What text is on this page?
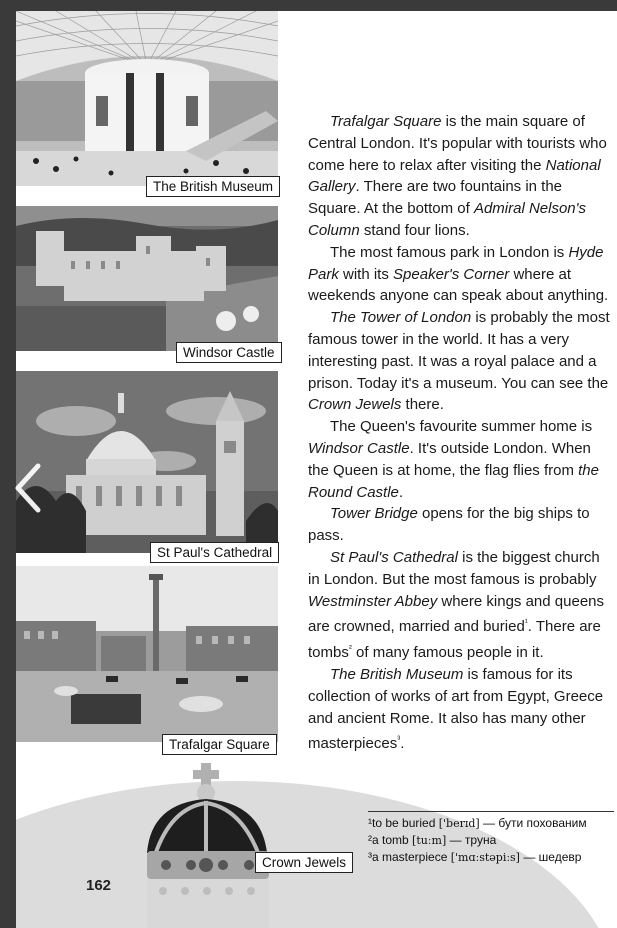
The British Museum
Windsor Castle
St Paul's Cathedral
Trafalgar Square
Crown Jewels

Trafalgar Square is the main square of Central London. It's popular with tourists who come here to relax after visiting the National Gallery. There are two fountains in the Square. At the bottom of Admiral Nelson's Column stand four lions.

The most famous park in London is Hyde Park with its Speaker's Corner where at weekends anyone can speak about anything.

The Tower of London is probably the most famous tower in the world. It has a very interesting past. It was a royal palace and a prison. Today it's a museum. You can see the Crown Jewels there.

The Queen's favourite summer home is Windsor Castle. It's outside London. When the Queen is at home, the flag flies from the Round Castle.

Tower Bridge opens for the big ships to pass.

St Paul's Cathedral is the biggest church in London. But the most famous is probably Westminster Abbey where kings and queens are crowned, married and buried$^{^1}$. There are tombs$^{^2}$ of many famous people in it.

The British Museum is famous for its collection of works of art from Egypt, Greece and ancient Rome. It also has many other masterpieces$^{^3}$.

¹to be buried ['berɪd] — бути похованим
²a tomb [tuːm] — труна
³a masterpiece ['mɑːstəpiːs] — шедевр
162
